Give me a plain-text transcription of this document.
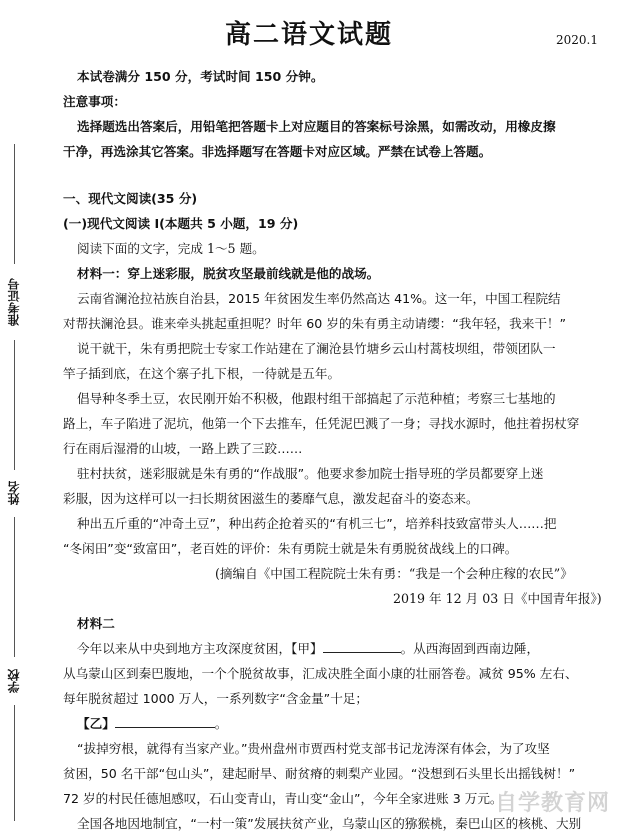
准考证号
姓名
学校
高二语文试题	2020.1
本试卷满分 150 分，考试时间 150 分钟。
注意事项：
选择题选出答案后，用铅笔把答题卡上对应题目的答案标号涂黑，如需改动，用橡皮擦
干净，再选涂其它答案。非选择题写在答题卡对应区域。严禁在试卷上答题。
一、现代文阅读(35 分)
(一)现代文阅读 I(本题共 5 小题，19 分)
阅读下面的文字，完成 1～5 题。
材料一：穿上迷彩服，脱贫攻坚最前线就是他的战场。
云南省澜沧拉祜族自治县，2015 年贫困发生率仍然高达 41%。这一年，中国工程院结
对帮扶澜沧县。谁来牵头挑起重担呢？时年 60 岁的朱有勇主动请缨：“我年轻，我来干！”
说干就干，朱有勇把院士专家工作站建在了澜沧县竹塘乡云山村蒿枝坝组，带领团队一
竿子插到底，在这个寨子扎下根，一待就是五年。
倡导种冬季土豆，农民刚开始不积极，他跟村组干部搞起了示范种植；考察三七基地的
路上，车子陷进了泥坑，他第一个下去推车，任凭泥巴溅了一身；寻找水源时，他拄着拐杖穿
行在雨后湿滑的山坡，一路上跌了三跤……
驻村扶贫，迷彩服就是朱有勇的“作战服”。他要求参加院士指导班的学员都要穿上迷
彩服，因为这样可以一扫长期贫困滋生的萎靡气息，激发起奋斗的姿态来。
种出五斤重的“冲奇土豆”，种出药企抢着买的“有机三七”，培养科技致富带头人……把
“冬闲田”变“致富田”，老百姓的评价：朱有勇院士就是朱有勇脱贫战线上的口碑。
(摘编自《中国工程院院士朱有勇：“我是一个会种庄稼的农民”》
2019 年 12 月 03 日《中国青年报》)
材料二
今年以来从中央到地方主攻深度贫困，【甲】	。从西海固到西南边陲，
从乌蒙山区到秦巴腹地，一个个脱贫故事，汇成决胜全面小康的壮丽答卷。减贫 95% 左右、
每年脱贫超过 1000 万人，一系列数字“含金量”十足；
【乙】	。
“拔掉穷根，就得有当家产业。”贵州盘州市贾西村党支部书记龙涛深有体会，为了攻坚
贫困，50 名干部“包山头”，建起耐旱、耐贫瘠的刺梨产业园。“没想到石头里长出摇钱树！”
72 岁的村民任德旭感叹，石山变青山，青山变“金山”，今年全家进账 3 万元。
全国各地因地制宜，“一村一策”发展扶贫产业，乌蒙山区的猕猴桃，秦巴山区的核桃、大别
自学教育网
